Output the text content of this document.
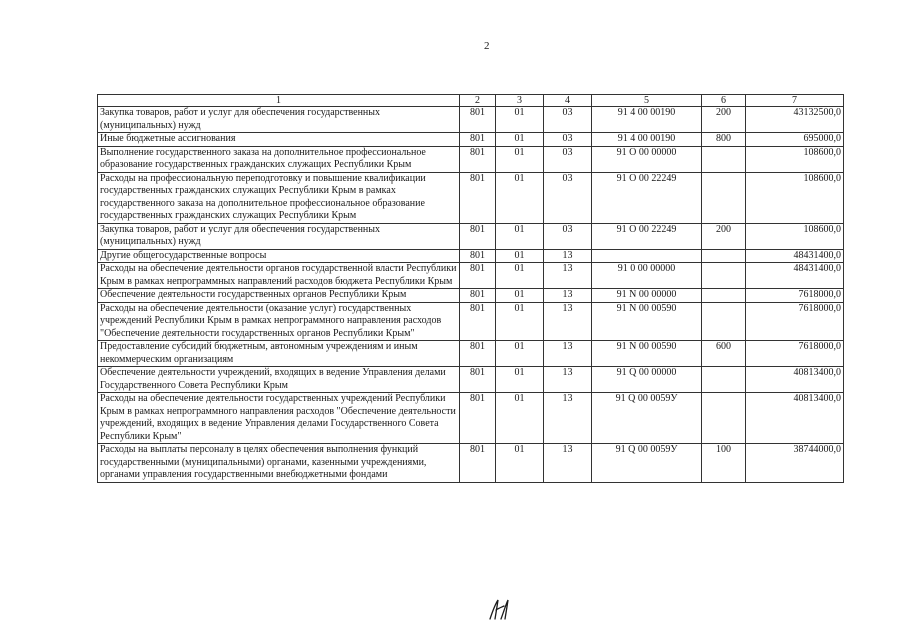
2
1	2	3	4	5	6	7
Закупка товаров, работ и услуг для обеспечения государственных (муниципальных) нужд	801	01	03	91 4 00 00190	200	43132500,0
Иные бюджетные ассигнования	801	01	03	91 4 00 00190	800	695000,0
Выполнение государственного заказа на дополнительное профессиональное образование государственных гражданских служащих Республики Крым	801	01	03	91 О 00 00000		108600,0
Расходы на профессиональную переподготовку и повышение квалификации государственных гражданских служащих Республики Крым в рамках государственного заказа на дополнительное профессиональное образование государственных гражданских служащих Республики Крым	801	01	03	91 О 00 22249		108600,0
Закупка товаров, работ и услуг для обеспечения государственных (муниципальных) нужд	801	01	03	91 О 00 22249	200	108600,0
Другие общегосударственные вопросы	801	01	13			48431400,0
Расходы на обеспечение деятельности органов государственной власти Республики Крым в рамках непрограммных направлений расходов бюджета Республики Крым	801	01	13	91 0 00 00000		48431400,0
Обеспечение деятельности государственных органов Республики Крым	801	01	13	91 N 00 00000		7618000,0
Расходы на обеспечение деятельности (оказание услуг) государственных учреждений Республики Крым в рамках непрограммного направления расходов "Обеспечение деятельности государственных органов Республики Крым"	801	01	13	91 N 00 00590		7618000,0
Предоставление субсидий бюджетным, автономным учреждениям и иным некоммерческим организациям	801	01	13	91 N 00 00590	600	7618000,0
Обеспечение деятельности учреждений, входящих в ведение Управления делами Государственного Совета Республики Крым	801	01	13	91 Q 00 00000		40813400,0
Расходы на обеспечение деятельности государственных учреждений Республики Крым в рамках непрограммного направления расходов "Обеспечение деятельности учреждений, входящих в ведение Управления делами Государственного Совета Республики Крым"	801	01	13	91 Q 00 0059У		40813400,0
Расходы на выплаты персоналу в целях обеспечения выполнения функций государственными (муниципальными) органами, казенными учреждениями, органами управления государственными внебюджетными фондами	801	01	13	91 Q 00 0059У	100	38744000,0
